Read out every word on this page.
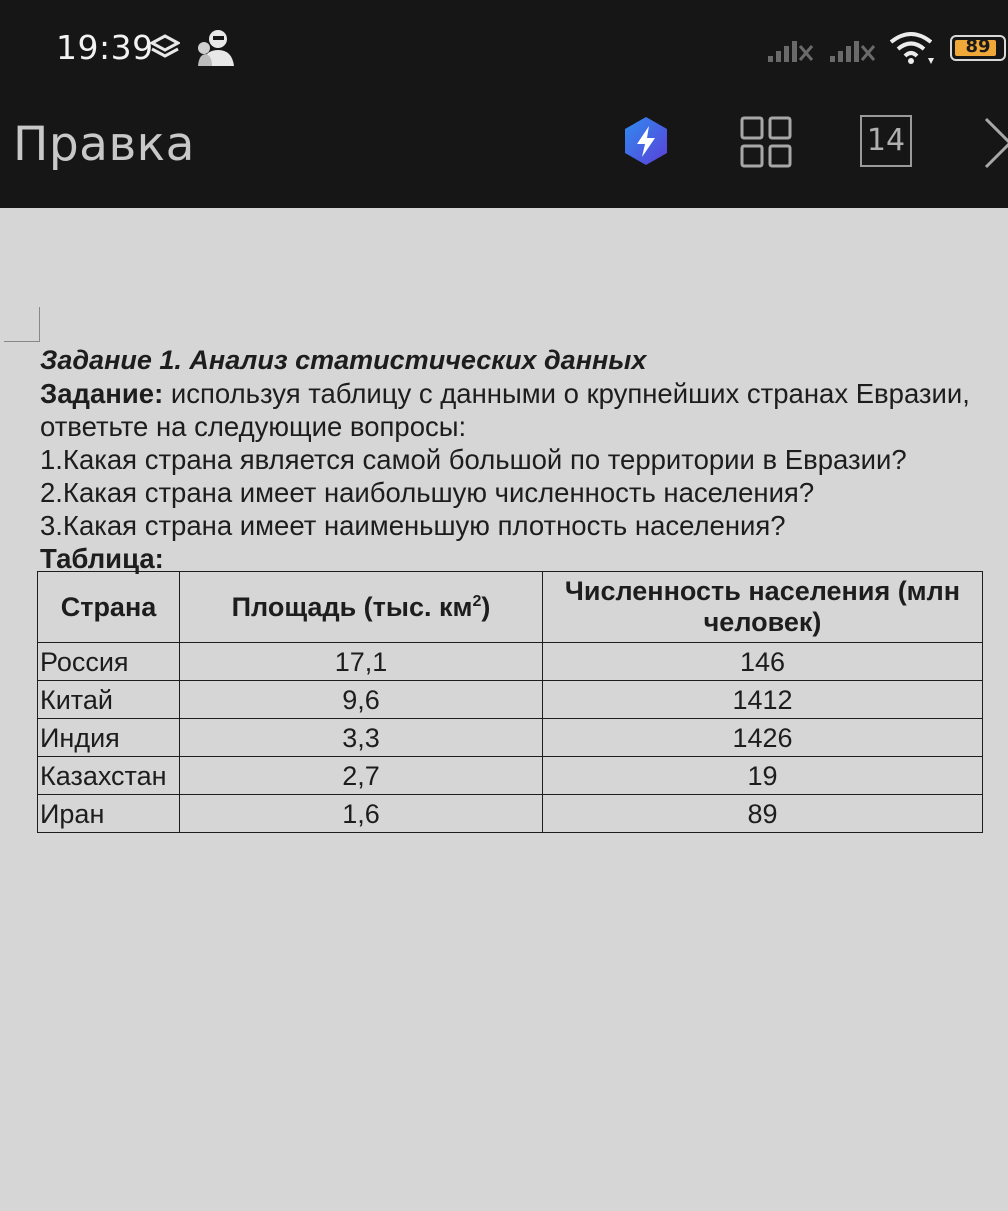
19:39	89
Правка	14
Задание 1. Анализ статистических данных
Задание: используя таблицу с данными о крупнейших странах Евразии,
ответьте на следующие вопросы:
1.Какая страна является самой большой по территории в Евразии?
2.Какая страна имеет наибольшую численность населения?
3.Какая страна имеет наименьшую плотность населения?
Таблица:
Страна	Площадь (тыс. $км^2$)	Численность населения (млн
человек)

Россия	17,1	146
Китай	9,6	1412
Индия	3,3	1426
Казахстан	2,7	19
Иран	1,6	89
